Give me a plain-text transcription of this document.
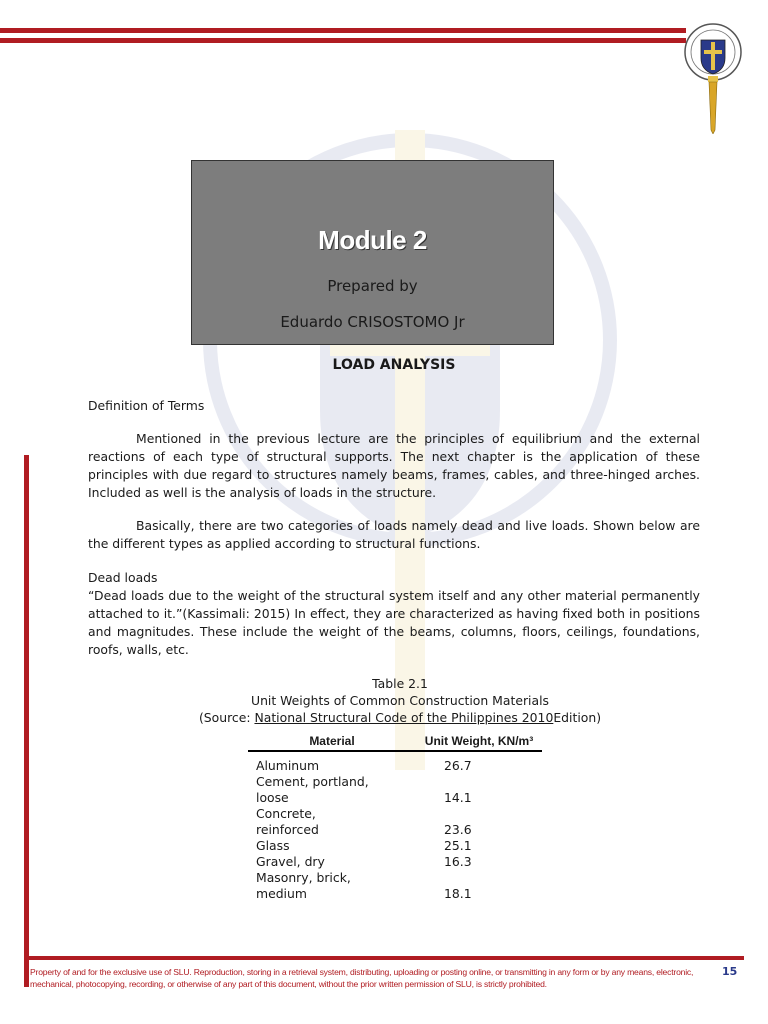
Module 2
Prepared by
Eduardo CRISOSTOMO Jr
LOAD ANALYSIS
Definition of Terms
Mentioned in the previous lecture are the principles of equilibrium and the external reactions of each type of structural supports. The next chapter is the application of these principles with due regard to structures namely beams, frames, cables, and three-hinged arches. Included as well is the analysis of loads in the structure.
Basically, there are two categories of loads namely dead and live loads. Shown below are the different types as applied according to structural functions.
Dead loads
“Dead loads due to the weight of the structural system itself and any other material permanently attached to it.”(Kassimali: 2015) In effect, they are characterized as having fixed both in positions and magnitudes. These include the weight of the beams, columns, floors, ceilings, foundations, roofs, walls, etc.
Table 2.1
Unit Weights of Common Construction Materials
(Source: National Structural Code of the Philippines 2010Edition)
Material	Unit Weight, KN/m³

Aluminum	26.7

Cement, portland,
loose	14.1

Concrete,
reinforced	23.6
Glass	25.1
Gravel, dry	16.3

Masonry, brick,
medium	18.1
Property of and for the exclusive use of SLU. Reproduction, storing in a retrieval system, distributing, uploading or posting online, or transmitting in any form or by any means, electronic, mechanical, photocopying, recording, or otherwise of any part of this document, without the prior written permission of SLU, is strictly prohibited.
15
